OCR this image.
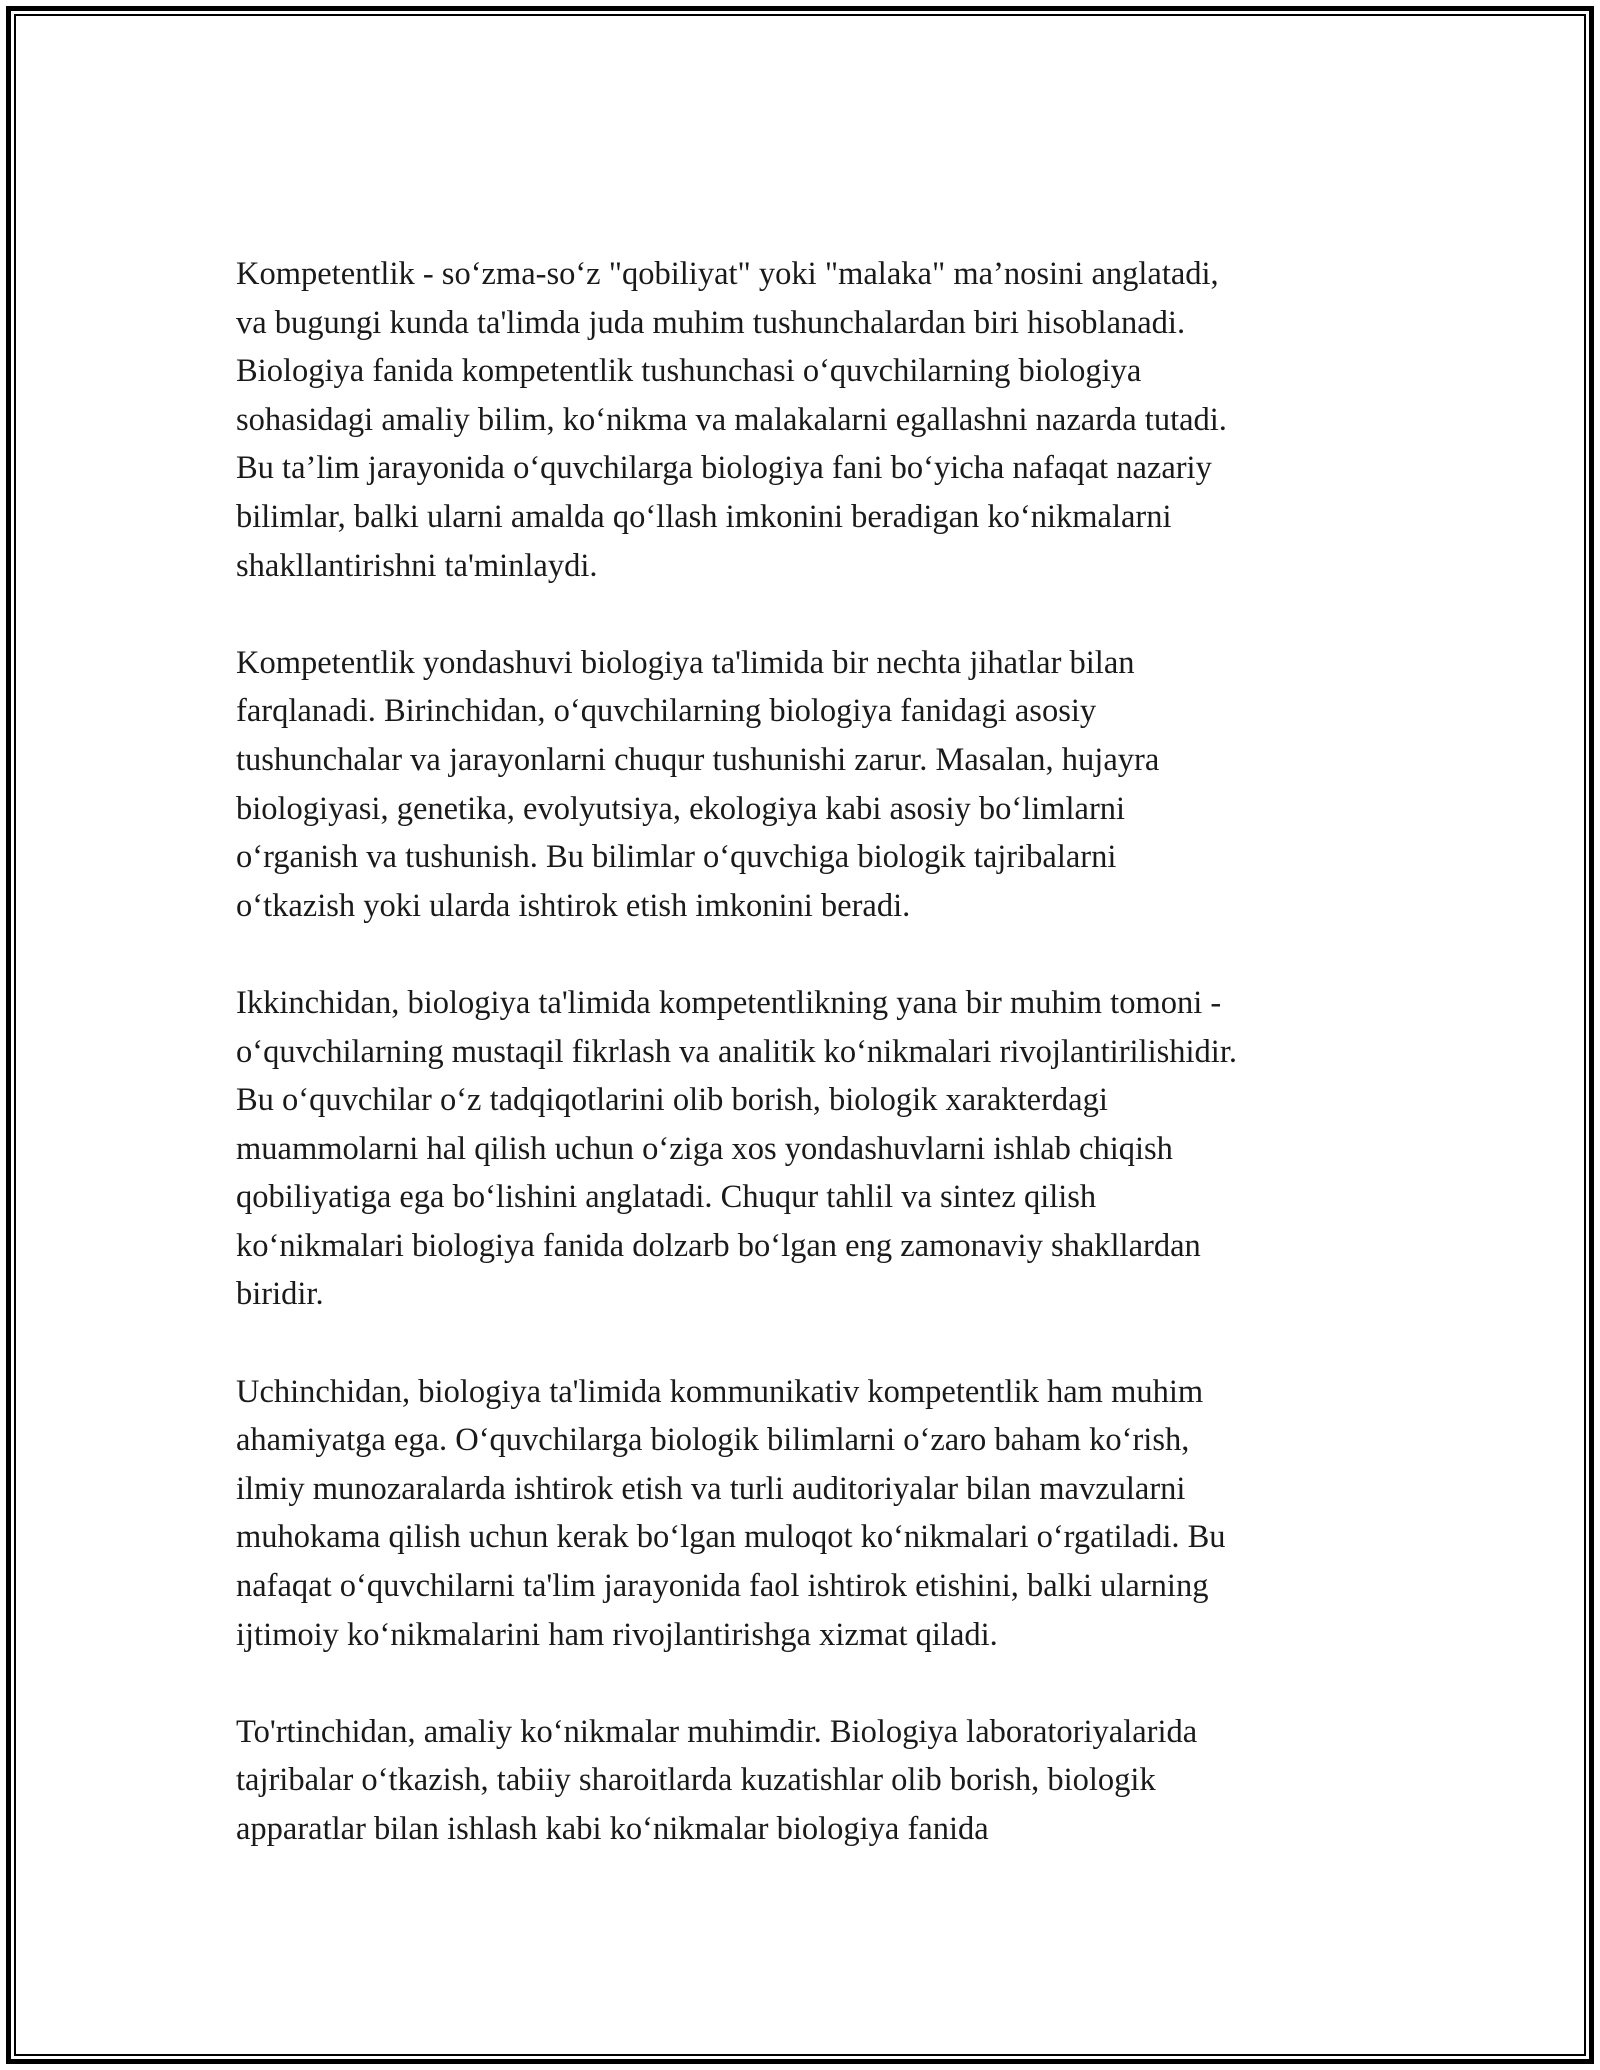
Kompetentlik - so‘zma-so‘z "qobiliyat" yoki "malaka" ma’nosini anglatadi,
va bugungi kunda ta'limda juda muhim tushunchalardan biri hisoblanadi.
Biologiya fanida kompetentlik tushunchasi o‘quvchilarning biologiya
sohasidagi amaliy bilim, ko‘nikma va malakalarni egallashni nazarda tutadi.
Bu ta’lim jarayonida o‘quvchilarga biologiya fani bo‘yicha nafaqat nazariy
bilimlar, balki ularni amalda qo‘llash imkonini beradigan ko‘nikmalarni
shakllantirishni ta'minlaydi.

Kompetentlik yondashuvi biologiya ta'limida bir nechta jihatlar bilan
farqlanadi. Birinchidan, o‘quvchilarning biologiya fanidagi asosiy
tushunchalar va jarayonlarni chuqur tushunishi zarur. Masalan, hujayra
biologiyasi, genetika, evolyutsiya, ekologiya kabi asosiy bo‘limlarni
o‘rganish va tushunish. Bu bilimlar o‘quvchiga biologik tajribalarni
o‘tkazish yoki ularda ishtirok etish imkonini beradi.

Ikkinchidan, biologiya ta'limida kompetentlikning yana bir muhim tomoni -
o‘quvchilarning mustaqil fikrlash va analitik ko‘nikmalari rivojlantirilishidir.
Bu o‘quvchilar o‘z tadqiqotlarini olib borish, biologik xarakterdagi
muammolarni hal qilish uchun o‘ziga xos yondashuvlarni ishlab chiqish
qobiliyatiga ega bo‘lishini anglatadi. Chuqur tahlil va sintez qilish
ko‘nikmalari biologiya fanida dolzarb bo‘lgan eng zamonaviy shakllardan
biridir.

Uchinchidan, biologiya ta'limida kommunikativ kompetentlik ham muhim
ahamiyatga ega. O‘quvchilarga biologik bilimlarni o‘zaro baham ko‘rish,
ilmiy munozaralarda ishtirok etish va turli auditoriyalar bilan mavzularni
muhokama qilish uchun kerak bo‘lgan muloqot ko‘nikmalari o‘rgatiladi. Bu
nafaqat o‘quvchilarni ta'lim jarayonida faol ishtirok etishini, balki ularning
ijtimoiy ko‘nikmalarini ham rivojlantirishga xizmat qiladi.

To'rtinchidan, amaliy ko‘nikmalar muhimdir. Biologiya laboratoriyalarida
tajribalar o‘tkazish, tabiiy sharoitlarda kuzatishlar olib borish, biologik
apparatlar bilan ishlash kabi ko‘nikmalar biologiya fanida
